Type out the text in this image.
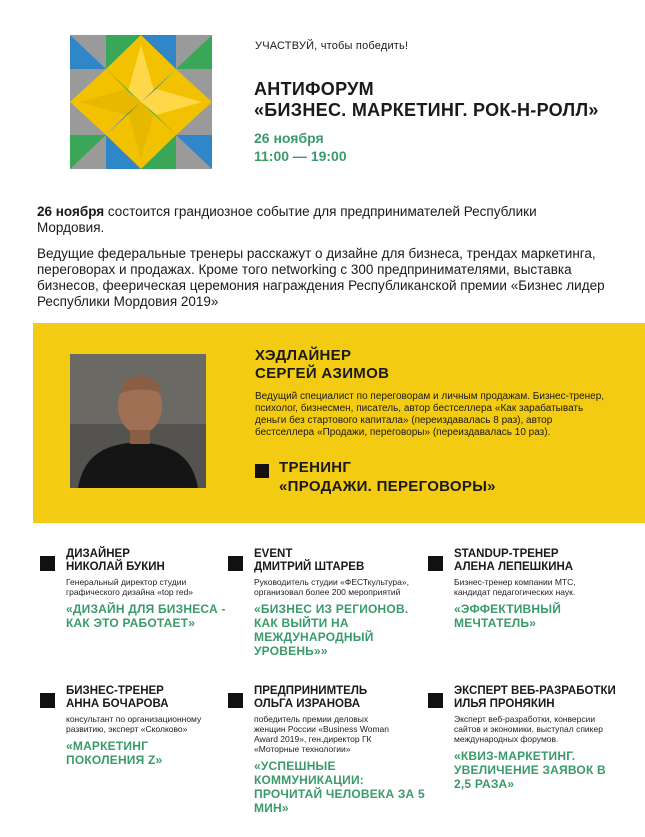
УЧАСТВУЙ, чтобы победить!
АНТИФОРУМ
«БИЗНЕС. МАРКЕТИНГ. РОК-Н-РОЛЛ»
26 ноября
11:00 — 19:00

26 ноября состоится грандиозное событие для предпринимателей Республики Мордовия.

Ведущие федеральные тренеры расскажут о дизайне для бизнеса, трендах маркетинга, переговорах и продажах. Кроме того networking с 300 предпринимателями, выставка бизнесов, феерическая церемония награждения Республиканской премии «Бизнес лидер Республики Мордовия 2019»

ХЭДЛАЙНЕР
СЕРГЕЙ АЗИМОВ
Ведущий специалист по переговорам и личным продажам. Бизнес-тренер, психолог, бизнесмен, писатель, автор бестселлера «Как зарабатывать деньги без стартового капитала» (переиздавалась 8 раз), автор бестселлера «Продажи, переговоры» (переиздавалась 10 раз).
ТРЕНИНГ
«ПРОДАЖИ. ПЕРЕГОВОРЫ»
ДИЗАЙНЕР
НИКОЛАЙ БУКИН
Генеральный директор студии графического дизайна «top red»
«ДИЗАЙН ДЛЯ БИЗНЕСА - КАК ЭТО РАБОТАЕТ»
EVENT
ДМИТРИЙ ШТАРЕВ
Руководитель студии «ФЕСТкультура», организовал более 200 мероприятий
«БИЗНЕС ИЗ РЕГИОНОВ. КАК ВЫЙТИ НА МЕЖДУНАРОДНЫЙ УРОВЕНЬ»»
STANDUP-ТРЕНЕР
АЛЕНА ЛЕПЕШКИНА
Бизнес-тренер компании МТС, кандидат педагогических наук.
«ЭФФЕКТИВНЫЙ МЕЧТАТЕЛЬ»
БИЗНЕС-ТРЕНЕР
АННА БОЧАРОВА
консультант по организационному развитию, эксперт «Сколково»
«МАРКЕТИНГ ПОКОЛЕНИЯ Z»
ПРЕДПРИНИМТЕЛЬ
ОЛЬГА ИЗРАНОВА
победитель премии деловых женщин России «Business Woman Award 2019», ген.директор ГК «Моторные технологии»
«УСПЕШНЫЕ КОММУНИКАЦИИ: ПРОЧИТАЙ ЧЕЛОВЕКА ЗА 5 МИН»
ЭКСПЕРТ ВЕБ-РАЗРАБОТКИ
ИЛЬЯ ПРОНЯКИН
Эксперт веб-разработки, конверсии сайтов и экономики, выступал спикер международных форумов.
«КВИЗ-МАРКЕТИНГ. УВЕЛИЧЕНИЕ ЗАЯВОК В 2,5 РАЗА»
